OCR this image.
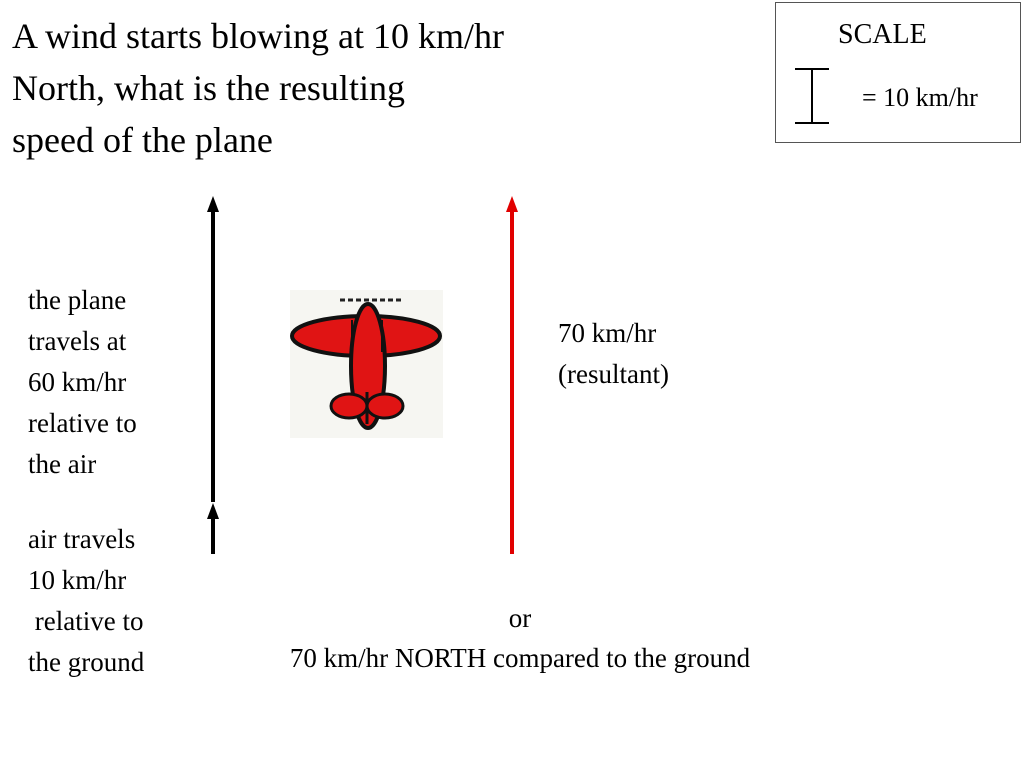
A wind starts blowing at 10 km/hr
North, what is the resulting
speed of the plane
SCALE
= 10 km/hr
the plane
travels at
60 km/hr
relative to
the air
air travels
10 km/hr
relative to
the ground
70 km/hr
(resultant)
or
70 km/hr NORTH compared to the ground
